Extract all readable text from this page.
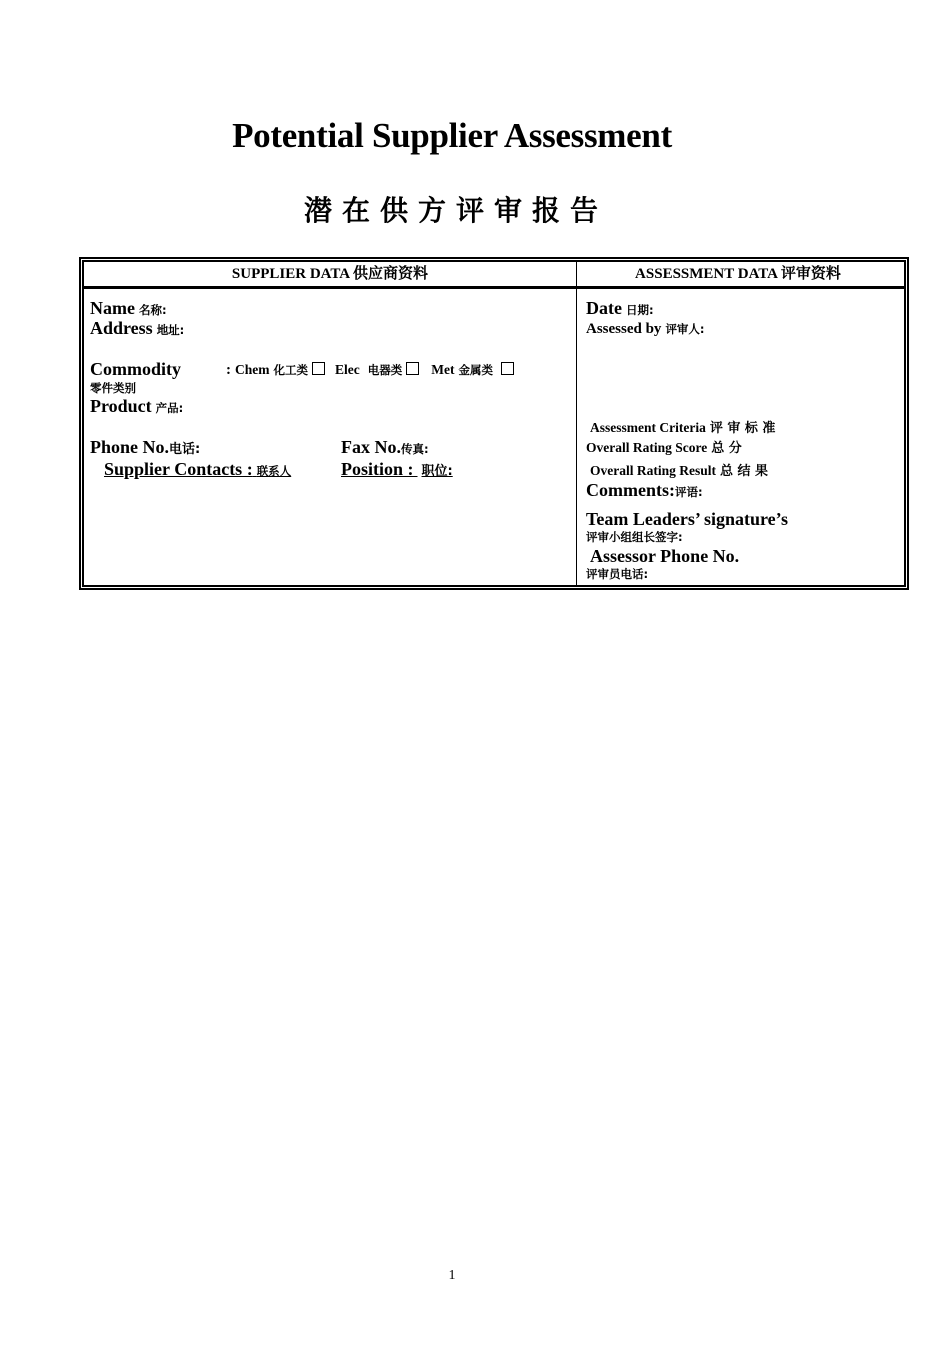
Potential Supplier Assessment
潜在供方评审报告
SUPPLIER DATA 供应商资料	ASSESSMENT DATA 评审资料
Name 名称:
Address 地址:
Commodity	: Chem 化工类 Elec 电器类 Met 金属类
零件类别
Product 产品:
Phone No.电话:	Fax No.传真:
Supplier Contacts : 联系人	Position : 职位:
Date 日期:
Assessed by 评审人:
Assessment Criteria 评 审 标 准
Overall Rating Score 总 分
Overall Rating Result 总 结 果
Comments:评语:
Team Leaders’ signature’s
评审小组组长签字:
Assessor Phone No.
评审员电话:
1
